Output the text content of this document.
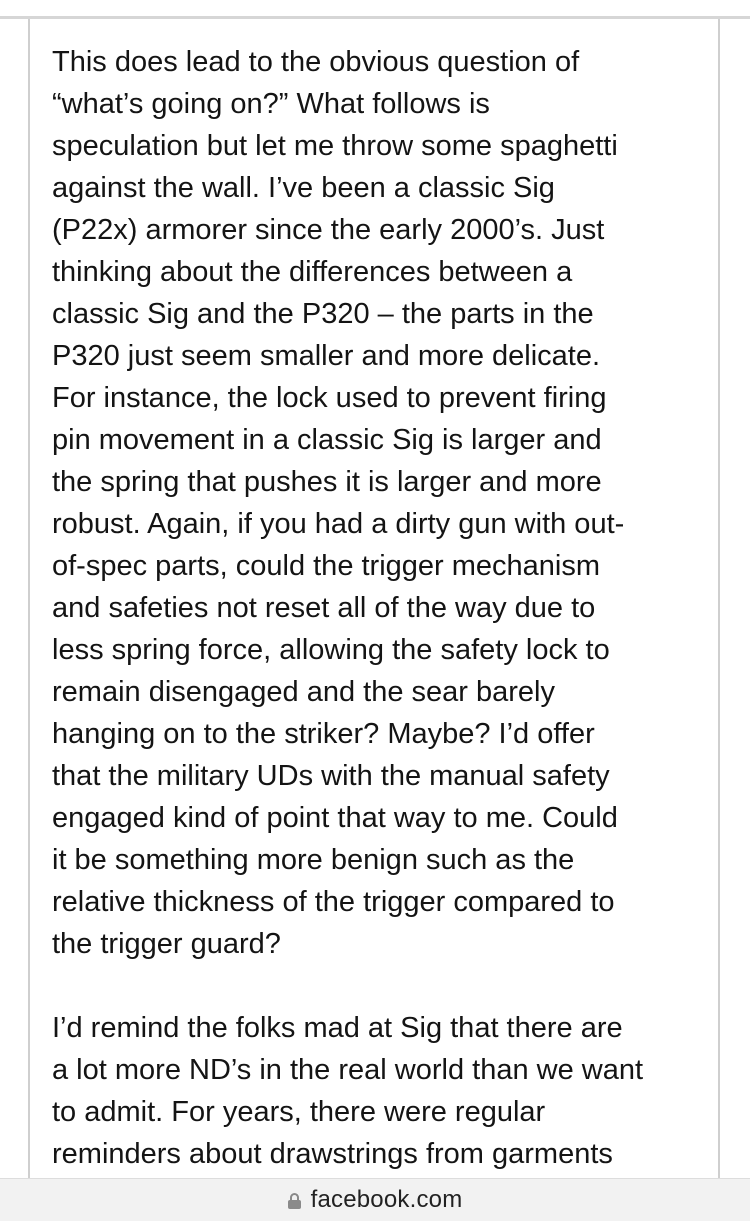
This does lead to the obvious question of
“what’s going on?” What follows is
speculation but let me throw some spaghetti
against the wall. I’ve been a classic Sig
(P22x) armorer since the early 2000’s. Just
thinking about the differences between a
classic Sig and the P320 – the parts in the
P320 just seem smaller and more delicate.
For instance, the lock used to prevent firing
pin movement in a classic Sig is larger and
the spring that pushes it is larger and more
robust. Again, if you had a dirty gun with out-
of-spec parts, could the trigger mechanism
and safeties not reset all of the way due to
less spring force, allowing the safety lock to
remain disengaged and the sear barely
hanging on to the striker? Maybe? I’d offer
that the military UDs with the manual safety
engaged kind of point that way to me. Could
it be something more benign such as the
relative thickness of the trigger compared to
the trigger guard?

I’d remind the folks mad at Sig that there are
a lot more ND’s in the real world than we want
to admit. For years, there were regular
reminders about drawstrings from garments

facebook.com
